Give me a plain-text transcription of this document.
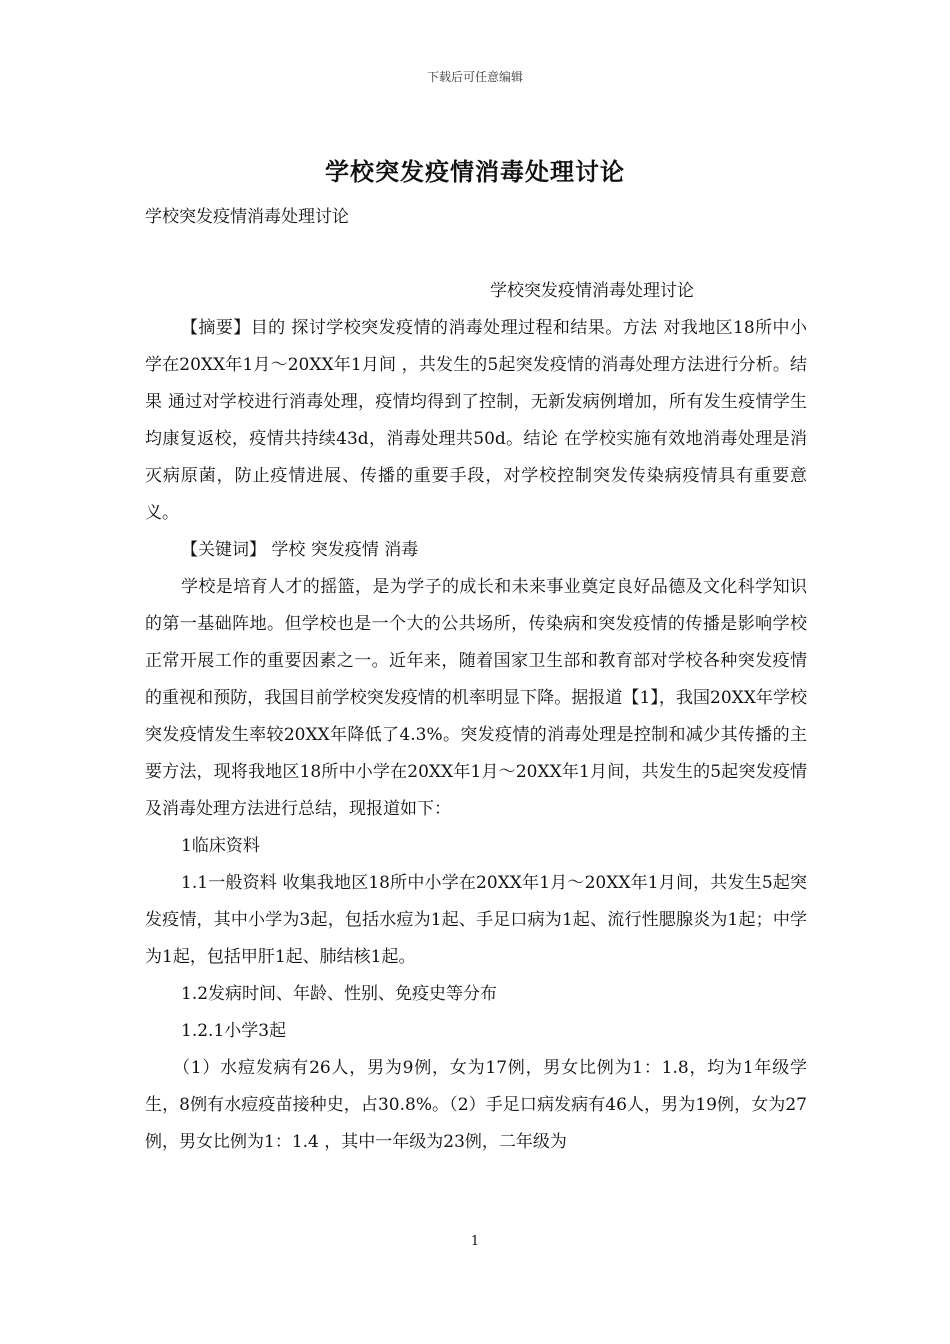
下载后可任意编辑
学校突发疫情消毒处理讨论
学校突发疫情消毒处理讨论
学校突发疫情消毒处理讨论

【摘要】目的 探讨学校突发疫情的消毒处理过程和结果。方法 对我地区18所中小学在20XX年1月～20XX年1月间 ，共发生的5起突发疫情的消毒处理方法进行分析。结果 通过对学校进行消毒处理，疫情均得到了控制，无新发病例增加，所有发生疫情学生均康复返校，疫情共持续43d，消毒处理共50d。结论 在学校实施有效地消毒处理是消灭病原菌，防止疫情进展、传播的重要手段，对学校控制突发传染病疫情具有重要意义。

【关键词】 学校 突发疫情 消毒

学校是培育人才的摇篮，是为学子的成长和未来事业奠定良好品德及文化科学知识的第一基础阵地。但学校也是一个大的公共场所，传染病和突发疫情的传播是影响学校正常开展工作的重要因素之一。近年来，随着国家卫生部和教育部对学校各种突发疫情的重视和预防，我国目前学校突发疫情的机率明显下降。据报道【1】，我国20XX年学校突发疫情发生率较20XX年降低了4.3%。突发疫情的消毒处理是控制和减少其传播的主要方法，现将我地区18所中小学在20XX年1月～20XX年1月间，共发生的5起突发疫情及消毒处理方法进行总结，现报道如下：

1临床资料

1.1一般资料 收集我地区18所中小学在20XX年1月～20XX年1月间，共发生5起突发疫情，其中小学为3起，包括水痘为1起、手足口病为1起、流行性腮腺炎为1起；中学为1起，包括甲肝1起、肺结核1起。

1.2发病时间、年龄、性别、免疫史等分布

1.2.1小学3起

（1）水痘发病有26人，男为9例，女为17例，男女比例为1：1.8，均为1年级学生，8例有水痘疫苗接种史，占30.8%。（2）手足口病发病有46人，男为19例，女为27例，男女比例为1：1.4 ，其中一年级为23例，二年级为

1
